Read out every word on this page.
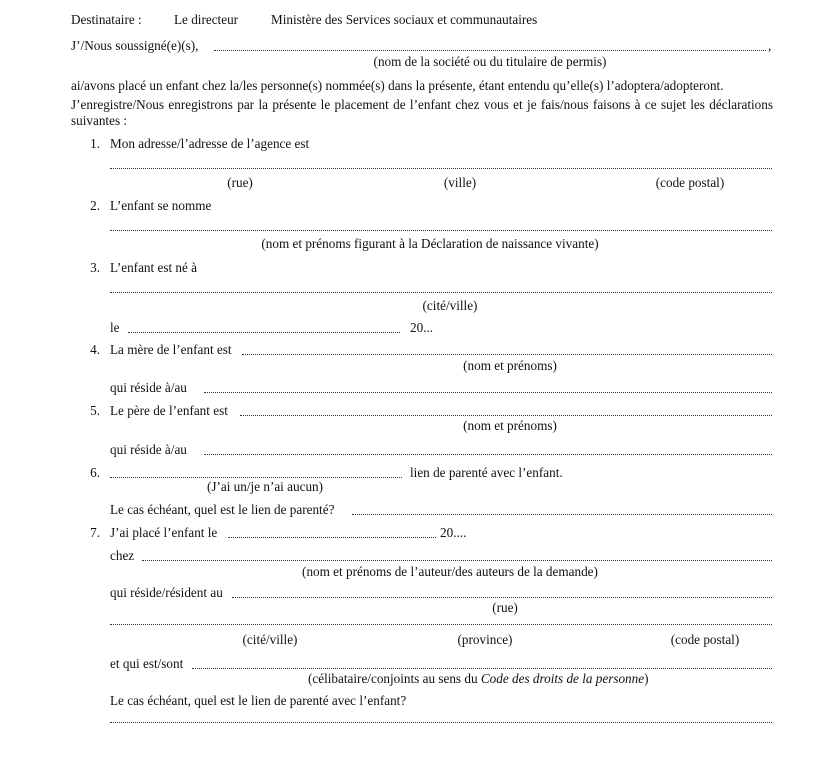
Destinataire : Le directeur Ministère des Services sociaux et communautaires
J’/Nous soussigné(e)(s),	,
(nom de la société ou du titulaire de permis)
ai/avons placé un enfant chez la/les personne(s) nommée(s) dans la présente, étant entendu qu’elle(s) l’adoptera/adopteront.
J’enregistre/Nous enregistrons par la présente le placement de l’enfant chez vous et je fais/nous faisons à ce sujet les déclarations suivantes :
1. Mon adresse/l’adresse de l’agence est
(rue)	(ville)	(code postal)
2. L’enfant se nomme
(nom et prénoms figurant à la Déclaration de naissance vivante)
3. L’enfant est né à
(cité/ville)
le	20...
4. La mère de l’enfant est
(nom et prénoms)
qui réside à/au
5. Le père de l’enfant est
(nom et prénoms)
qui réside à/au
6.	lien de parenté avec l’enfant.
(J’ai un/je n’ai aucun)
Le cas échéant, quel est le lien de parenté?
7. J’ai placé l’enfant le	20....
chez
(nom et prénoms de l’auteur/des auteurs de la demande)
qui réside/résident au
(rue)
(cité/ville)	(province)	(code postal)
et qui est/sont
(célibataire/conjoints au sens du Code des droits de la personne)
Le cas échéant, quel est le lien de parenté avec l’enfant?
